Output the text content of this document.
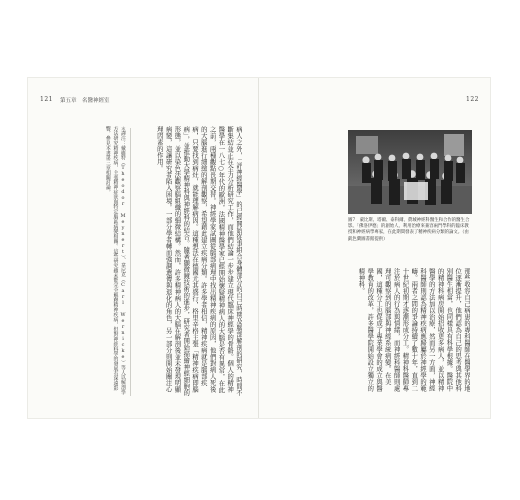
121 第五章　名醫神經室
病人之外，「評神經醫學」的已經開始從事組合身體部分的自己時期及腦部解剖的研究，時間不斷集結並正在全力分析研究工作，而他們結論一步步建立現代臨床神經學的骨骼。個人的精神醫學在一八七○年代的歐洲，法國精神醫學家已經開始懷疑精神病人的大腦是否有異常，在此之前，兩種觀點長期交替。神經學家試圖從腦部病理中找出精神疾病的原因，他們對病人死後的大腦進行細緻的解剖觀察，希望藉此建立疾病分類。許多學者相信，精神疾病就是腦部疾病，只要找到病灶，就能理解病因。這種想法在德國尤其盛行，格里辛格主張「精神疾病即腦病」，並推動大學精神科與神經科的結合。隨著顯微鏡技術的進步，研究者開始描繪神經細胞的形態，並以染色法觀察腦組織的細微結構。然而，許多精神病人的大腦在解剖後並未發現明顯病變，這讓研究者陷入困境。一部分學者轉而強調遺傳與退化的角色，另一部分則開始關注心理因素的作用。
＊譯注：戴維特（Theodor Meynert）、韋尼克（Carl Wernicke）等人以解剖學方法研究精神疾病，主張精神症狀與特定腦區病變相關。這些研究雖未能完全解釋精神疾病，但對神經科學的發展有深遠影響。參見本書第三章相關討論。
122
圖7　蒙比斯、塔爾、泰科爾、費城神經科醫生和合作的醫生合影。「佛洛伊德」的創始人、利用治療來兼容兩門學科的臨床教授和神經病學專家，在此期間發表了精神疾病分類的論文。（由凱色蘭圖書館提供）
那些收容自己病患的專科醫師在醫學界的地位逐漸提升，他們認為自己的思考與其他科別醫生相當，也同樣具有科學根據。醫院中的精神科病房開始招收更多病人，並以精神醫學的方法加以治療，然而另一方面，神經科醫師則認為精神疾病應歸屬於神經學的範疇。兩者之間的爭論持續了數十年，直到二十世紀初期才逐漸形成分工。精神科醫師專注於病人的行為與情緒，而神經科醫師則處理可觀察到的腦部與神經系統病變。在美國，這種分工也促成了專業學會的成立與醫學教育的改革，許多醫學院開始設立獨立的精神科。
